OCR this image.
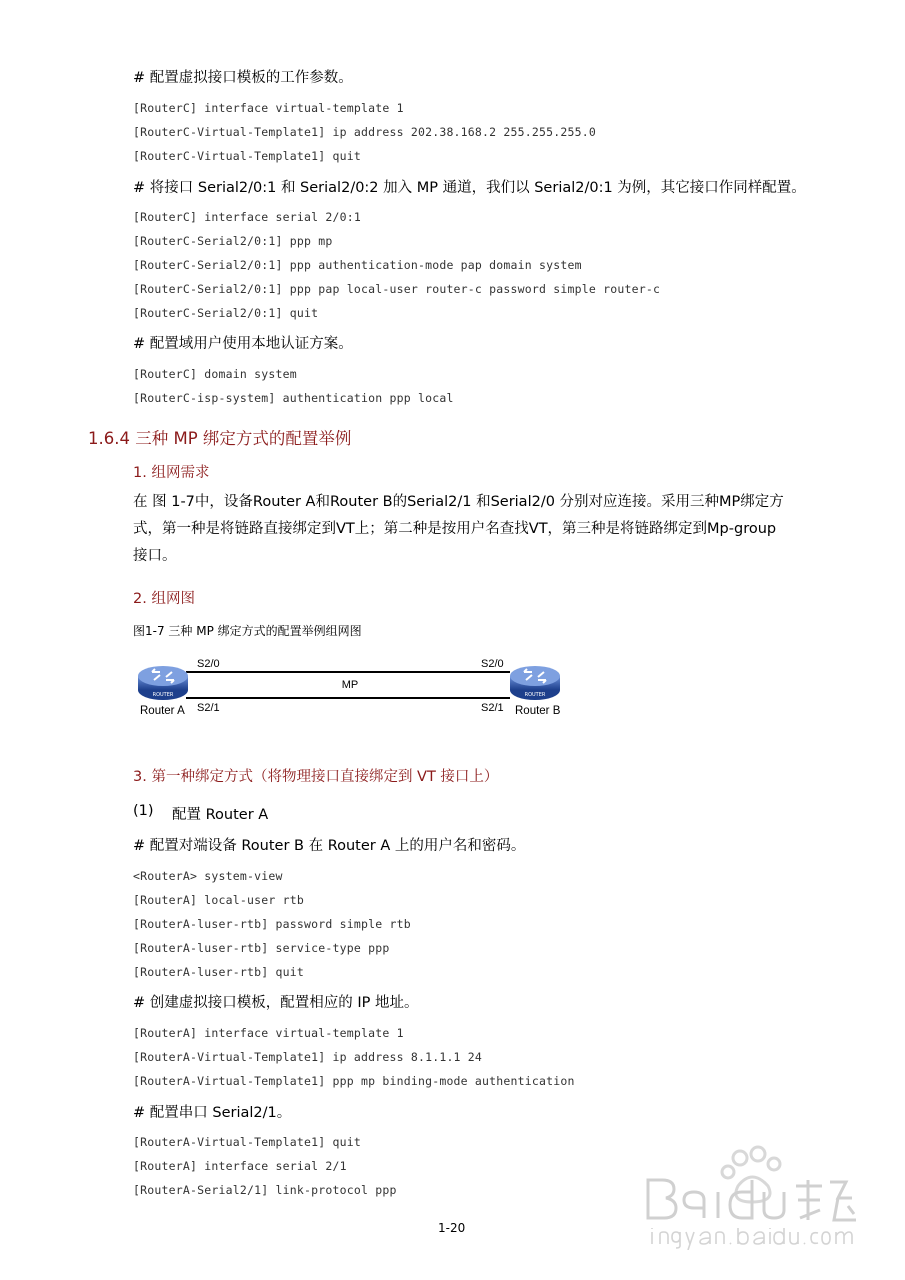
# 配置虚拟接口模板的工作参数。
[RouterC] interface virtual-template 1
[RouterC-Virtual-Template1] ip address 202.38.168.2 255.255.255.0
[RouterC-Virtual-Template1] quit
# 将接口 Serial2/0:1 和 Serial2/0:2 加入 MP 通道，我们以 Serial2/0:1 为例，其它接口作同样配置。
[RouterC] interface serial 2/0:1
[RouterC-Serial2/0:1] ppp mp
[RouterC-Serial2/0:1] ppp authentication-mode pap domain system
[RouterC-Serial2/0:1] ppp pap local-user router-c password simple router-c
[RouterC-Serial2/0:1] quit
# 配置域用户使用本地认证方案。
[RouterC] domain system
[RouterC-isp-system] authentication ppp local
1.6.4 三种 MP 绑定方式的配置举例
1. 组网需求
在 图 1-7中，设备Router A和Router B的Serial2/1 和Serial2/0 分别对应连接。采用三种MP绑定方
式，第一种是将链路直接绑定到VT上；第二种是按用户名查找VT，第三种是将链路绑定到Mp-group
接口。
2. 组网图
图1-7 三种 MP 绑定方式的配置举例组网图
ROUTER	ROUTER
S2/0
S2/1
S2/0
S2/1
MP
Router A	Router B
3. 第一种绑定方式（将物理接口直接绑定到 VT 接口上）
(1) 配置 Router A
# 配置对端设备 Router B 在 Router A 上的用户名和密码。
<RouterA> system-view
[RouterA] local-user rtb
[RouterA-luser-rtb] password simple rtb
[RouterA-luser-rtb] service-type ppp
[RouterA-luser-rtb] quit
# 创建虚拟接口模板，配置相应的 IP 地址。
[RouterA] interface virtual-template 1
[RouterA-Virtual-Template1] ip address 8.1.1.1 24
[RouterA-Virtual-Template1] ppp mp binding-mode authentication
# 配置串口 Serial2/1。
[RouterA-Virtual-Template1] quit
[RouterA] interface serial 2/1
[RouterA-Serial2/1] link-protocol ppp
1-20
